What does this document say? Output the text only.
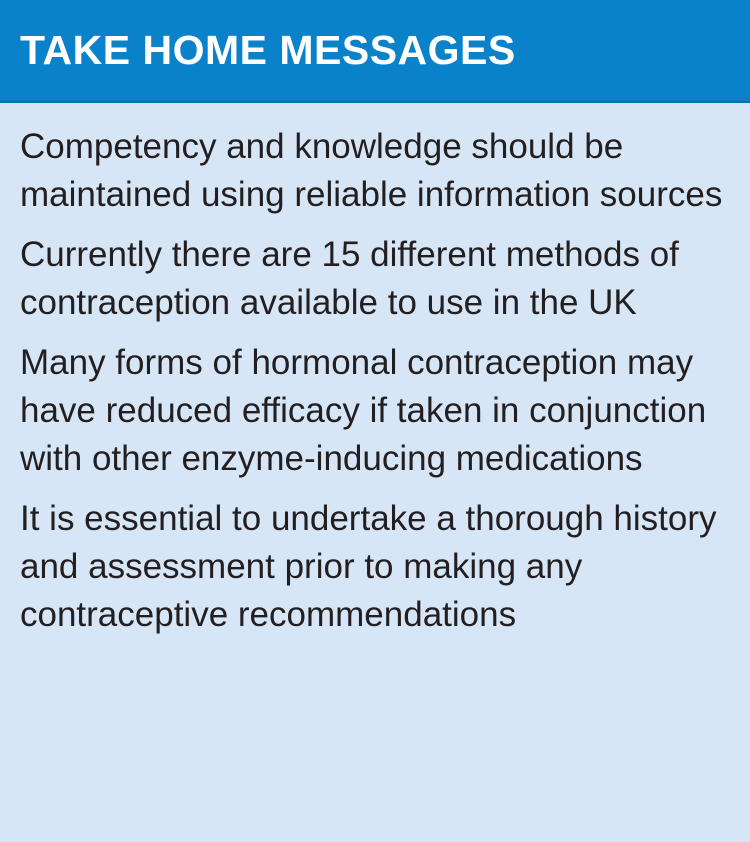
TAKE HOME MESSAGES

Competency and knowledge should be maintained using reliable information sources

Currently there are 15 different methods of contraception available to use in the UK

Many forms of hormonal contraception may have reduced efficacy if taken in conjunction with other enzyme-inducing medications

It is essential to undertake a thorough history and assessment prior to making any contraceptive recommendations
